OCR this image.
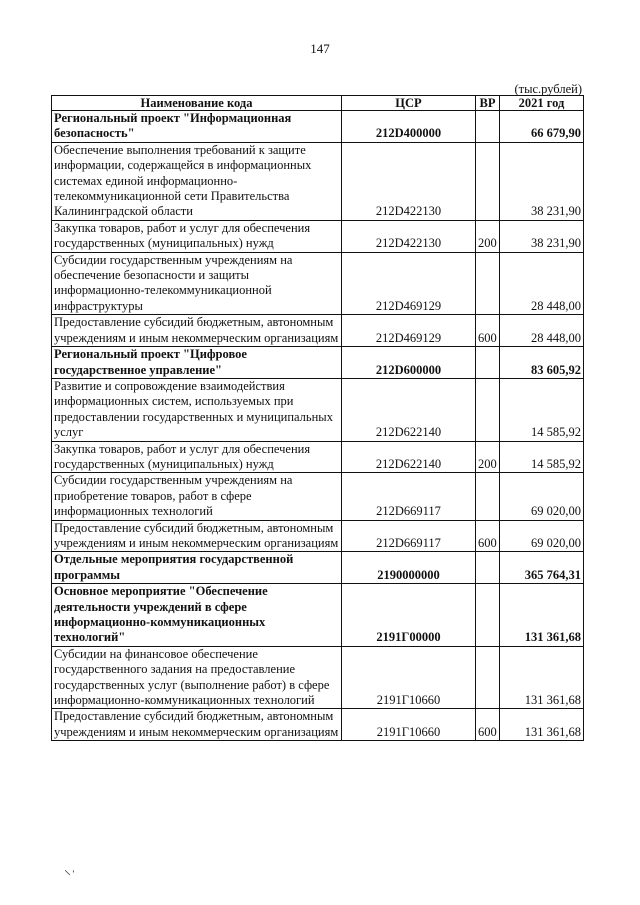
147
(тыс.рублей)
Наименование кода	ЦСР	ВР	2021 год
Региональный проект "Информационная безопасность"	212D400000		66 679,90
Обеспечение выполнения требований к защите информации, содержащейся в информационных системах единой информационно-телекоммуникационной сети Правительства Калининградской области	212D422130		38 231,90
Закупка товаров, работ и услуг для обеспечения государственных (муниципальных) нужд	212D422130	200	38 231,90
Субсидии государственным учреждениям на обеспечение безопасности и защиты информационно-телекоммуникационной инфраструктуры	212D469129		28 448,00
Предоставление субсидий бюджетным, автономным учреждениям и иным некоммерческим организациям	212D469129	600	28 448,00
Региональный проект "Цифровое государственное управление"	212D600000		83 605,92
Развитие и сопровождение взаимодействия информационных систем, используемых при предоставлении государственных и муниципальных услуг	212D622140		14 585,92
Закупка товаров, работ и услуг для обеспечения государственных (муниципальных) нужд	212D622140	200	14 585,92
Субсидии государственным учреждениям на приобретение товаров, работ в сфере информационных технологий	212D669117		69 020,00
Предоставление субсидий бюджетным, автономным учреждениям и иным некоммерческим организациям	212D669117	600	69 020,00
Отдельные мероприятия государственной программы	2190000000		365 764,31
Основное мероприятие "Обеспечение деятельности учреждений в сфере информационно-коммуникационных технологий"	2191Г00000		131 361,68
Субсидии на финансовое обеспечение государственного задания на предоставление государственных услуг (выполнение работ) в сфере информационно-коммуникационных технологий	2191Г10660		131 361,68
Предоставление субсидий бюджетным, автономным учреждениям и иным некоммерческим организациям	2191Г10660	600	131 361,68
⸌ˈ
